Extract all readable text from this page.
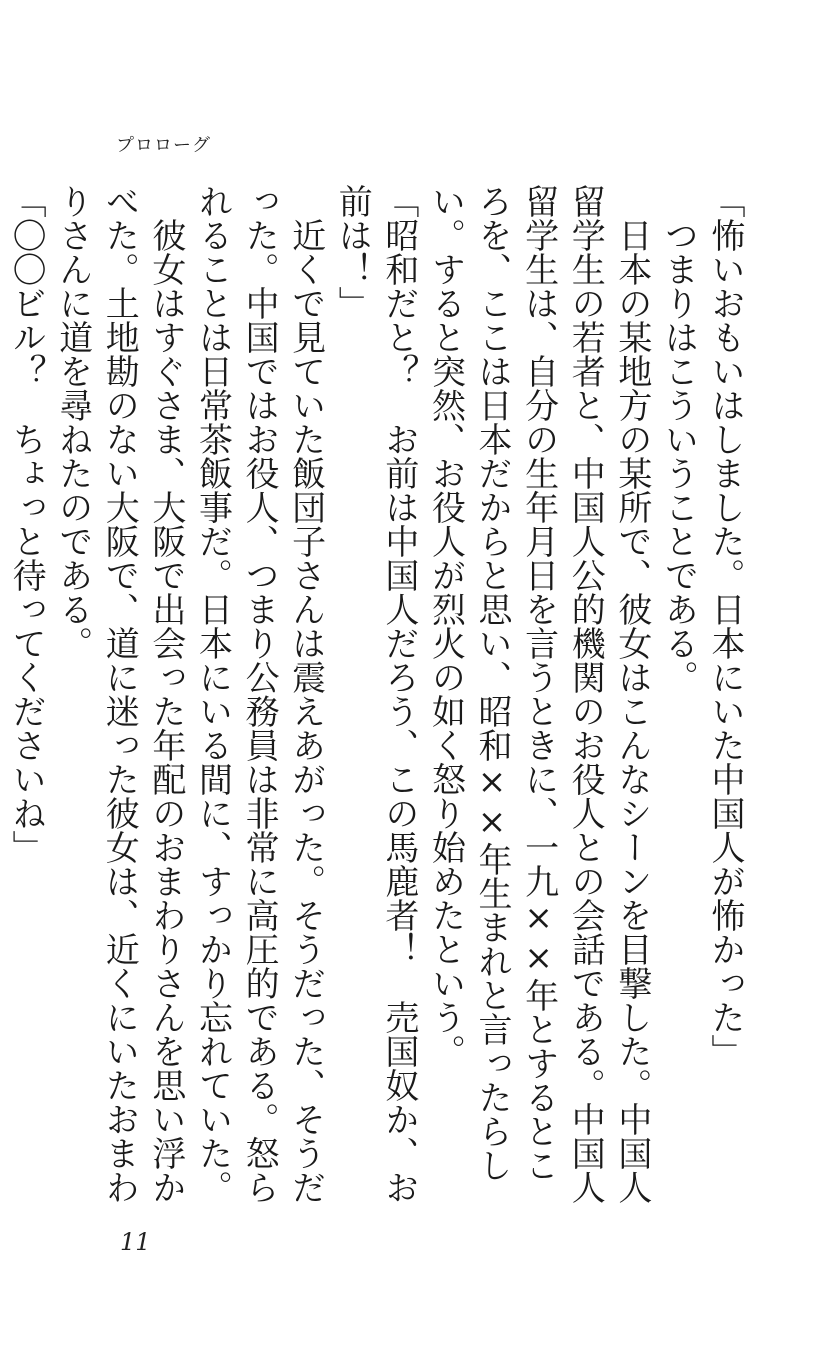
プロローグ

「怖いおもいはしました。日本にいた中国人が怖かった」

つまりはこういうことである。

日本の某地方の某所で、彼女はこんなシーンを目撃した。中国人留学生の若者と、中国人公的機関のお役人との会話である。中国人留学生は、自分の生年月日を言うときに、一九××年とするところを、ここは日本だからと思い、昭和××年生まれと言ったらしい。すると突然、お役人が烈火の如く怒り始めたという。

「昭和だと？　お前は中国人だろう、この馬鹿者！　売国奴か、お前は！」

近くで見ていた飯団子さんは震えあがった。そうだった、そうだった。中国ではお役人、つまり公務員は非常に高圧的である。怒られることは日常茶飯事だ。日本にいる間に、すっかり忘れていた。

彼女はすぐさま、大阪で出会った年配のおまわりさんを思い浮かべた。土地勘のない大阪で、道に迷った彼女は、近くにいたおまわりさんに道を尋ねたのである。

「〇〇ビル？　ちょっと待ってくださいね」

11
